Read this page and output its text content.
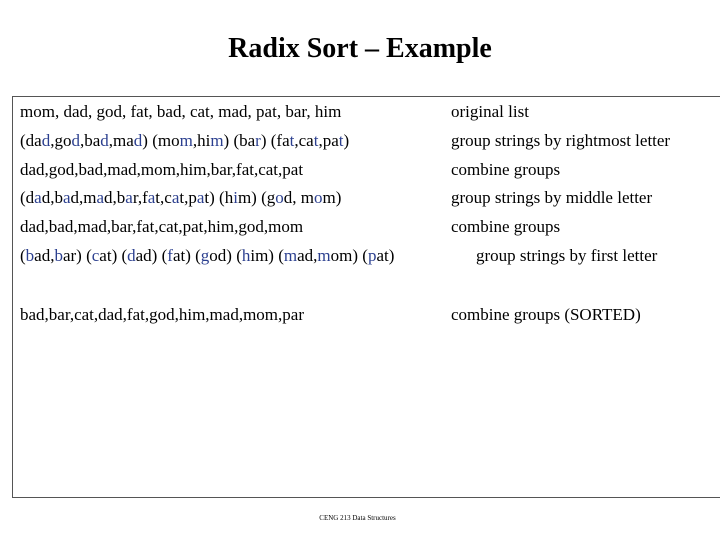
Radix Sort – Example
mom, dad, god, fat, bad, cat, mad, pat, bar, him	original list
(dad,god,bad,mad) (mom,him) (bar) (fat,cat,pat)	group strings by rightmost letter
dad,god,bad,mad,mom,him,bar,fat,cat,pat	combine groups
(dad,bad,mad,bar,fat,cat,pat) (him) (god, mom)	group strings by middle letter
dad,bad,mad,bar,fat,cat,pat,him,god,mom	combine groups
(bad,bar) (cat) (dad) (fat) (god) (him) (mad,mom) (pat)	group strings by first letter
bad,bar,cat,dad,fat,god,him,mad,mom,par	combine groups (SORTED)
CENG 213 Data Structures
